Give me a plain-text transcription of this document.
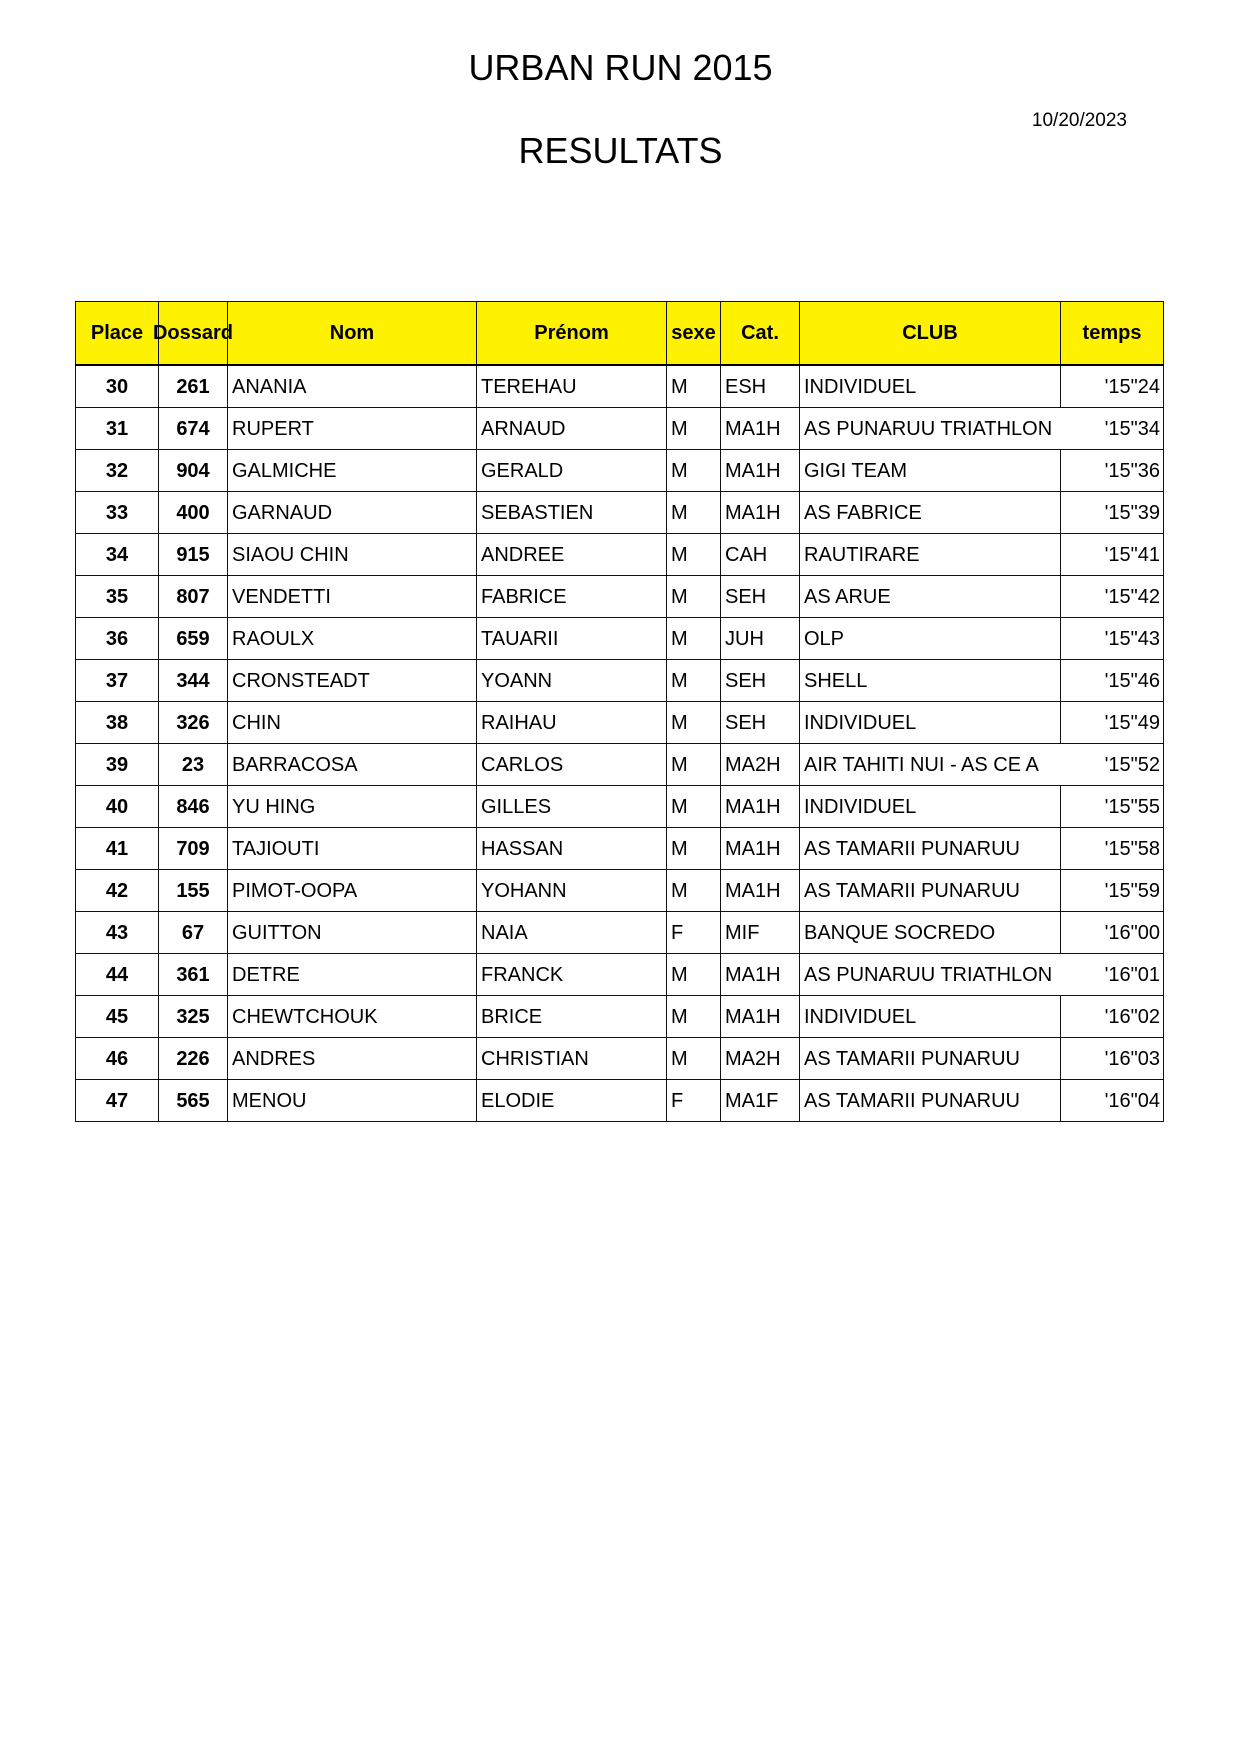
URBAN RUN 2015
10/20/2023
RESULTATS
Place	Dossard	Nom	Prénom	sexe	Cat.	CLUB	temps
30	261	ANANIA	TEREHAU	M	ESH	INDIVIDUEL	'15"24
31	674	RUPERT	ARNAUD	M	MA1H	AS PUNARUU TRIATHLON	'15"34
32	904	GALMICHE	GERALD	M	MA1H	GIGI TEAM	'15"36
33	400	GARNAUD	SEBASTIEN	M	MA1H	AS FABRICE	'15"39
34	915	SIAOU CHIN	ANDREE	M	CAH	RAUTIRARE	'15"41
35	807	VENDETTI	FABRICE	M	SEH	AS ARUE	'15"42
36	659	RAOULX	TAUARII	M	JUH	OLP	'15"43
37	344	CRONSTEADT	YOANN	M	SEH	SHELL	'15"46
38	326	CHIN	RAIHAU	M	SEH	INDIVIDUEL	'15"49
39	23	BARRACOSA	CARLOS	M	MA2H	AIR TAHITI NUI - AS CE A	'15"52
40	846	YU HING	GILLES	M	MA1H	INDIVIDUEL	'15"55
41	709	TAJIOUTI	HASSAN	M	MA1H	AS TAMARII PUNARUU	'15"58
42	155	PIMOT-OOPA	YOHANN	M	MA1H	AS TAMARII PUNARUU	'15"59
43	67	GUITTON	NAIA	F	MIF	BANQUE SOCREDO	'16"00
44	361	DETRE	FRANCK	M	MA1H	AS PUNARUU TRIATHLON	'16"01
45	325	CHEWTCHOUK	BRICE	M	MA1H	INDIVIDUEL	'16"02
46	226	ANDRES	CHRISTIAN	M	MA2H	AS TAMARII PUNARUU	'16"03
47	565	MENOU	ELODIE	F	MA1F	AS TAMARII PUNARUU	'16"04
